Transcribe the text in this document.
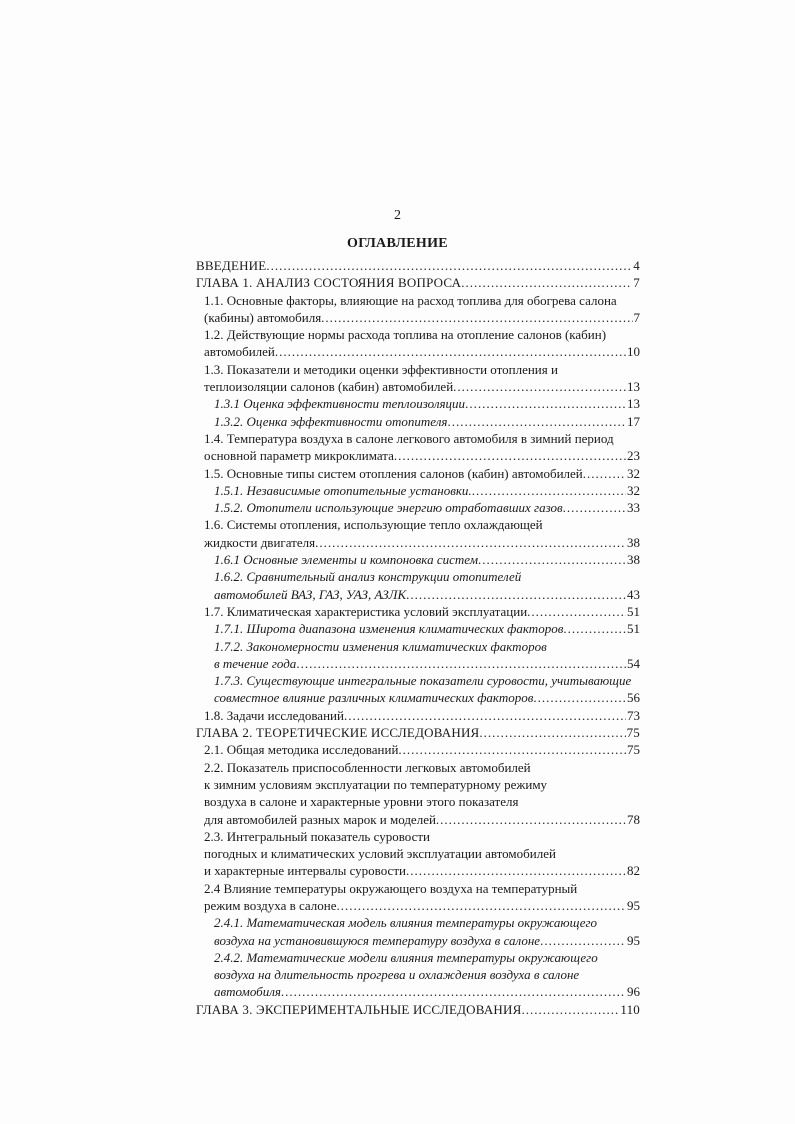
2
ОГЛАВЛЕНИЕ
ВВЕДЕНИЕ .....	4
ГЛАВА 1. АНАЛИЗ СОСТОЯНИЯ ВОПРОСА .....	7
1.1. Основные факторы, влияющие на расход топлива для обогрева салона
(кабины) автомобиля .....	7
1.2. Действующие нормы расхода топлива на отопление салонов (кабин)
автомобилей .....	10
1.3. Показатели и методики оценки эффективности отопления и
теплоизоляции салонов (кабин) автомобилей .....	13
1.3.1 Оценка эффективности теплоизоляции .....	13
1.3.2. Оценка эффективности отопителя .....	17
1.4. Температура воздуха в салоне легкового автомобиля в зимний период
основной параметр микроклимата .....	23
1.5. Основные типы систем отопления салонов (кабин) автомобилей .....	32
1.5.1. Независимые отопительные установки. .....	32
1.5.2. Отопители использующие энергию отработавших газов .....	33
1.6. Системы отопления, использующие тепло охлаждающей
жидкости двигателя .....	38
1.6.1 Основные элементы и компоновка систем .....	38
1.6.2. Сравнительный анализ конструкции отопителей
автомобилей ВАЗ, ГАЗ, УАЗ, АЗЛК .....	43
1.7. Климатическая характеристика условий эксплуатации .....	51
1.7.1. Широта диапазона изменения климатических факторов .....	51
1.7.2. Закономерности изменения климатических факторов
в течение года .....	54
1.7.3. Существующие интегральные показатели суровости, учитывающие
совместное влияние различных климатических факторов .....	56
1.8. Задачи исследований .....	73
ГЛАВА 2. ТЕОРЕТИЧЕСКИЕ ИССЛЕДОВАНИЯ .....	75
2.1. Общая методика исследований .....	75
2.2. Показатель приспособленности легковых автомобилей
к зимним условиям эксплуатации по температурному режиму
воздуха в салоне и характерные уровни этого показателя
для автомобилей разных марок и моделей .....	78
2.3. Интегральный показатель суровости
погодных и климатических условий эксплуатации автомобилей
и характерные интервалы суровости .....	82
2.4 Влияние температуры окружающего воздуха на температурный
режим воздуха в салоне .....	95
2.4.1. Математическая модель влияния температуры окружающего
воздуха на установившуюся температуру воздуха в салоне .....	95
2.4.2. Математические модели влияния температуры окружающего
воздуха на длительность прогрева и охлаждения воздуха в салоне
автомобиля .....	96
ГЛАВА 3. ЭКСПЕРИМЕНТАЛЬНЫЕ ИССЛЕДОВАНИЯ .....	110
